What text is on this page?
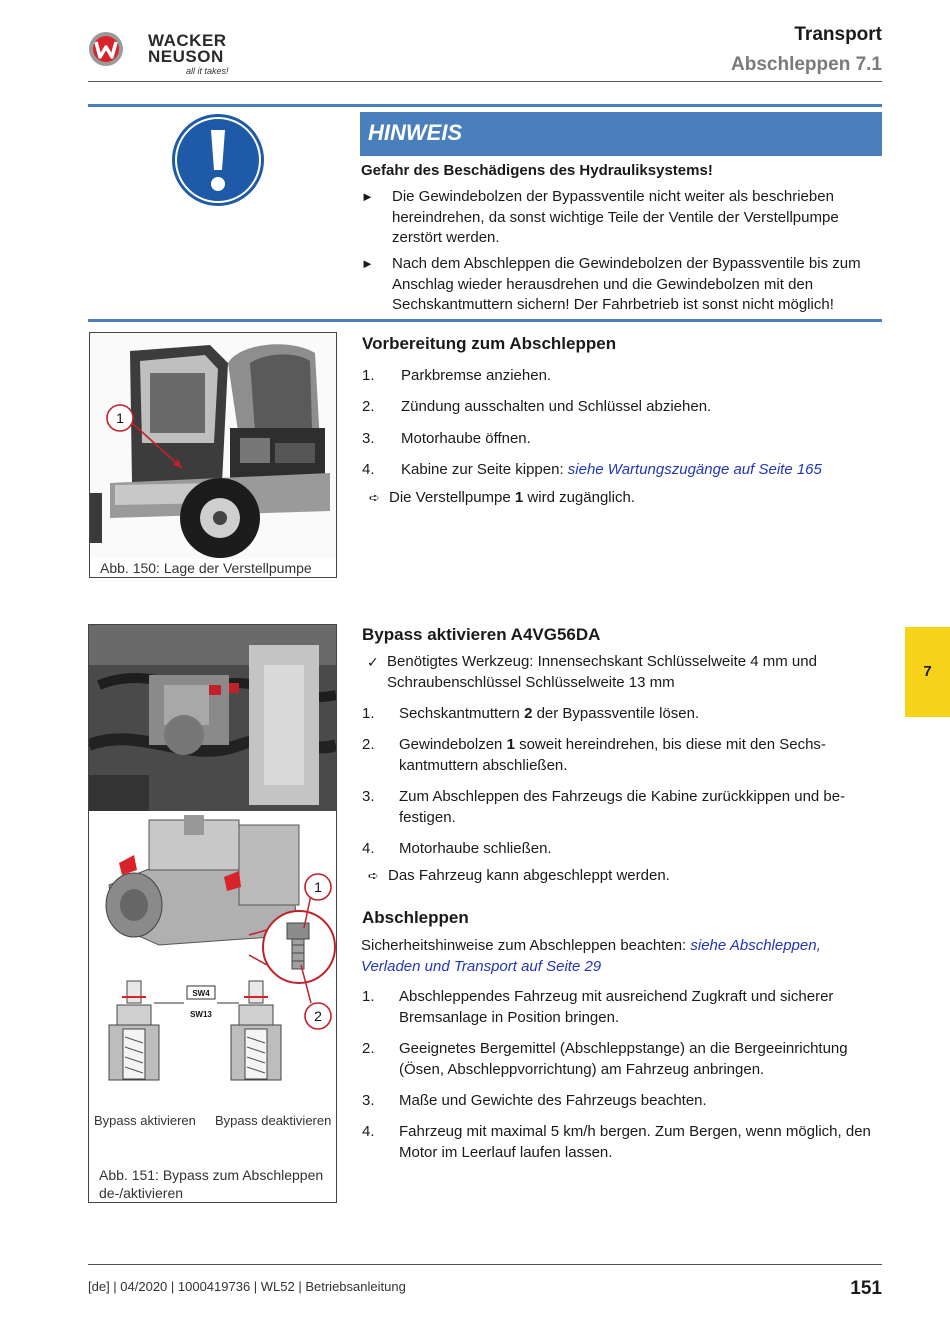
WACKER
NEUSON
all it takes!
Transport
Abschleppen 7.1
HINWEIS
Gefahr des Beschädigens des Hydrauliksystems!
► Die Gewindebolzen der Bypassventile nicht weiter als beschrieben hereindrehen, da sonst wichtige Teile der Ventile der Verstellpumpe zerstört werden.
► Nach dem Abschleppen die Gewindebolzen der Bypassventile bis zum Anschlag wieder herausdrehen und die Gewindebolzen mit den Sechskantmuttern sichern! Der Fahrbetrieb ist sonst nicht möglich!
1
Abb. 150: Lage der Verstellpumpe
Vorbereitung zum Abschleppen
1. Parkbremse anziehen.
2. Zündung ausschalten und Schlüssel abziehen.
3. Motorhaube öffnen.
4. Kabine zur Seite kippen: siehe Wartungszugänge auf Seite 165
➪ Die Verstellpumpe 1 wird zugänglich.
1
2
SW4
SW13
Bypass aktivieren Bypass deaktivieren
Abb. 151: Bypass zum Abschleppen
de-/aktivieren
Bypass aktivieren A4VG56DA
✓ Benötigtes Werkzeug: Innensechskant Schlüsselweite 4 mm und Schraubenschlüssel Schlüsselweite 13 mm
1. Sechskantmuttern 2 der Bypassventile lösen.
2. Gewindebolzen 1 soweit hereindrehen, bis diese mit den Sechs-kantmuttern abschließen.
3. Zum Abschleppen des Fahrzeugs die Kabine zurückkippen und be-festigen.
4. Motorhaube schließen.
➪ Das Fahrzeug kann abgeschleppt werden.
Abschleppen
Sicherheitshinweise zum Abschleppen beachten: siehe Abschleppen, Verladen und Transport auf Seite 29
1. Abschleppendes Fahrzeug mit ausreichend Zugkraft und sicherer Bremsanlage in Position bringen.
2. Geeignetes Bergemittel (Abschleppstange) an die Bergeeinrichtung (Ösen, Abschleppvorrichtung) am Fahrzeug anbringen.
3. Maße und Gewichte des Fahrzeugs beachten.
4. Fahrzeug mit maximal 5 km/h bergen. Zum Bergen, wenn möglich, den Motor im Leerlauf laufen lassen.
7
[de] | 04/2020 | 1000419736 | WL52 | Betriebsanleitung	151
